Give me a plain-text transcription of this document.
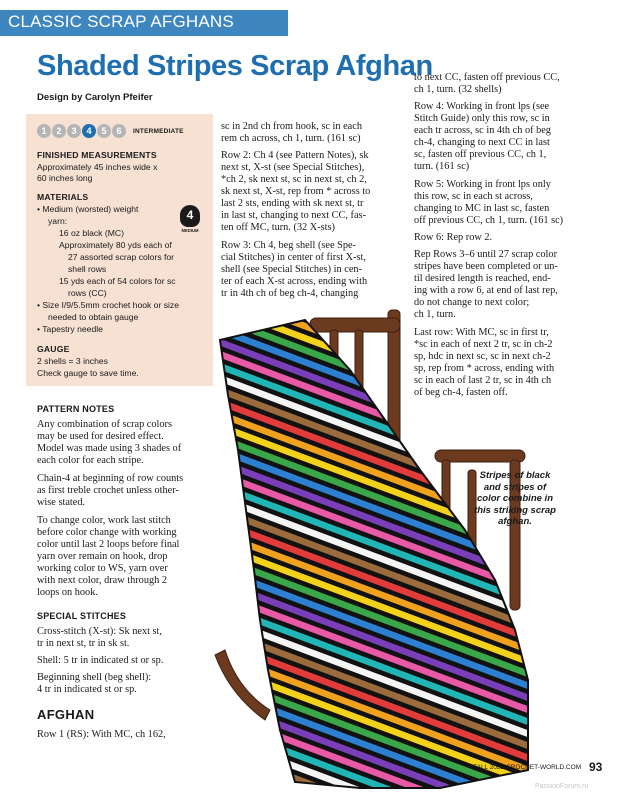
CLASSIC SCRAP AFGHANS
Shaded Stripes Scrap Afghan
Design by Carolyn Pfeifer
1	2	3	4	5	6	INTERMEDIATE
FINISHED MEASUREMENTS
Approximately 45 inches wide x
60 inches long
MATERIALS
• Medium (worsted) weight
yarn:
16 oz black (MC)
Approximately 80 yds each of
27 assorted scrap colors for
shell rows
15 yds each of 54 colors for sc
rows (CC)
• Size I/9/5.5mm crochet hook or size
needed to obtain gauge
• Tapestry needle
4
MEDIUM
GAUGE
2 shells = 3 inches
Check gauge to save time.
PATTERN NOTES
Any combination of scrap colors
may be used for desired effect.
Model was made using 3 shades of
each color for each stripe.
Chain-4 at beginning of row counts
as first treble crochet unless other-
wise stated.
To change color, work last stitch
before color change with working
color until last 2 loops before final
yarn over remain on hook, drop
working color to WS, yarn over
with next color, draw through 2
loops on hook.
SPECIAL STITCHES
Cross-stitch (X-st): Sk next st,
tr in next st, tr in sk st.
Shell: 5 tr in indicated st or sp.
Beginning shell (beg shell):
4 tr in indicated st or sp.
AFGHAN
Row 1 (RS): With MC, ch 162,
sc in 2nd ch from hook, sc in each
rem ch across, ch 1, turn. (161 sc)
Row 2: Ch 4 (see Pattern Notes), sk
next st, X-st (see Special Stitches),
*ch 2, sk next st, sc in next st, ch 2,
sk next st, X-st, rep from * across to
last 2 sts, ending with sk next st, tr
in last st, changing to next CC, fas-
ten off MC, turn. (32 X-sts)
Row 3: Ch 4, beg shell (see Spe-
cial Stitches) in center of first X-st,
shell (see Special Stitches) in cen-
ter of each X-st across, ending with
tr in 4th ch of beg ch-4, changing
to next CC, fasten off previous CC,
ch 1, turn. (32 shells)
Row 4: Working in front lps (see
Stitch Guide) only this row, sc in
each tr across, sc in 4th ch of beg
ch-4, changing to next CC in last
sc, fasten off previous CC, ch 1,
turn. (161 sc)
Row 5: Working in front lps only
this row, sc in each st across,
changing to MC in last sc, fasten
off previous CC, ch 1, turn. (161 sc)
Row 6: Rep row 2.
Rep Rows 3–6 until 27 scrap color
stripes have been completed or un-
til desired length is reached, end-
ing with a row 6, at end of last rep,
do not change to next color;
ch 1, turn.
Last row: With MC, sc in first tr,
*sc in each of next 2 tr, sc in ch-2
sp, hdc in next sc, sc in next ch-2
sp, rep from * across, ending with
sc in each of last 2 tr, sc in 4th ch
of beg ch-4, fasten off.
Stripes of black
and stripes of
color combine in
this striking scrap
afghan.
FALL 2022 CROCHET-WORLD.COM 93
PassionForum.ru
